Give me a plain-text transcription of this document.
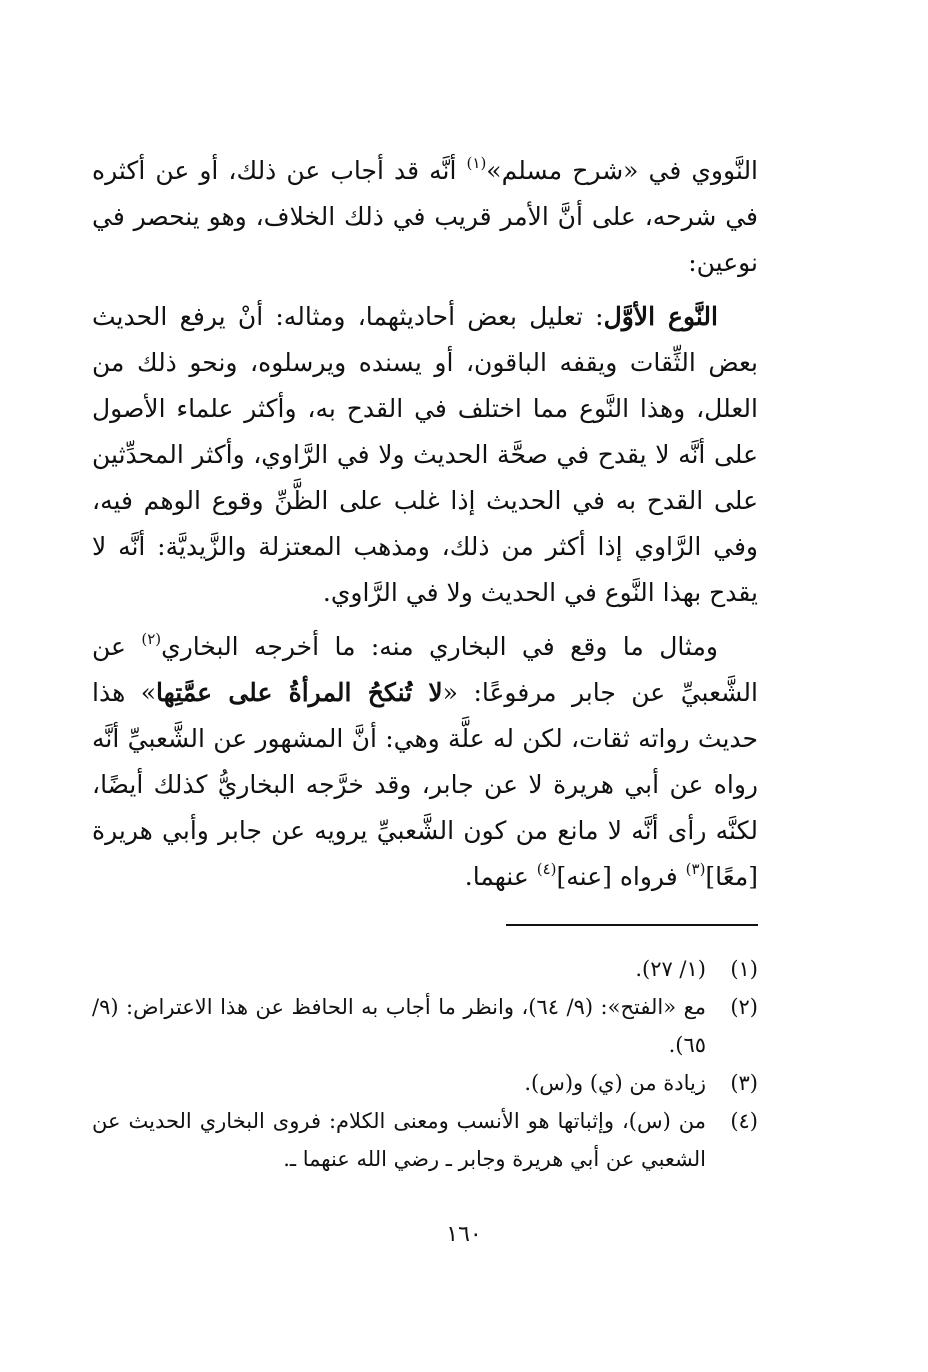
النَّووي في «شرح مسلم»$^{(١)}$ أنَّه قد أجاب عن ذلك، أو عن أكثره في شرحه، على أنَّ الأمر قريب في ذلك الخلاف، وهو ينحصر في نوعين:

النَّوع الأوَّل: تعليل بعض أحاديثهما، ومثاله: أنْ يرفع الحديث بعض الثِّقات ويقفه الباقون، أو يسنده ويرسلوه، ونحو ذلك من العلل، وهذا النَّوع مما اختلف في القدح به، وأكثر علماء الأصول على أنَّه لا يقدح في صحَّة الحديث ولا في الرَّاوي، وأكثر المحدِّثين على القدح به في الحديث إذا غلب على الظَّنِّ وقوع الوهم فيه، وفي الرَّاوي إذا أكثر من ذلك، ومذهب المعتزلة والزَّيديَّة: أنَّه لا يقدح بهذا النَّوع في الحديث ولا في الرَّاوي.

ومثال ما وقع في البخاري منه: ما أخرجه البخاري$^{(٢)}$ عن الشَّعبيِّ عن جابر مرفوعًا: «لا تُنكحُ المرأةُ على عمَّتِها» هذا حديث رواته ثقات، لكن له علَّة وهي: أنَّ المشهور عن الشَّعبيِّ أنَّه رواه عن أبي هريرة لا عن جابر، وقد خرَّجه البخاريُّ كذلك أيضًا، لكنَّه رأى أنَّه لا مانع من كون الشَّعبيِّ يرويه عن جابر وأبي هريرة [معًا]$^{(٣)}$ فرواه [عنه]$^{(٤)}$ عنهما.

(١)
(١/ ٢٧).
(٢)
مع «الفتح»: (٩/ ٦٤)، وانظر ما أجاب به الحافظ عن هذا الاعتراض: (٩/ ٦٥).
(٣)
زيادة من (ي) و(س).
(٤)
من (س)، وإثباتها هو الأنسب ومعنى الكلام: فروى البخاري الحديث عن الشعبي عن أبي هريرة وجابر ـ رضي الله عنهما ـ.
١٦٠
